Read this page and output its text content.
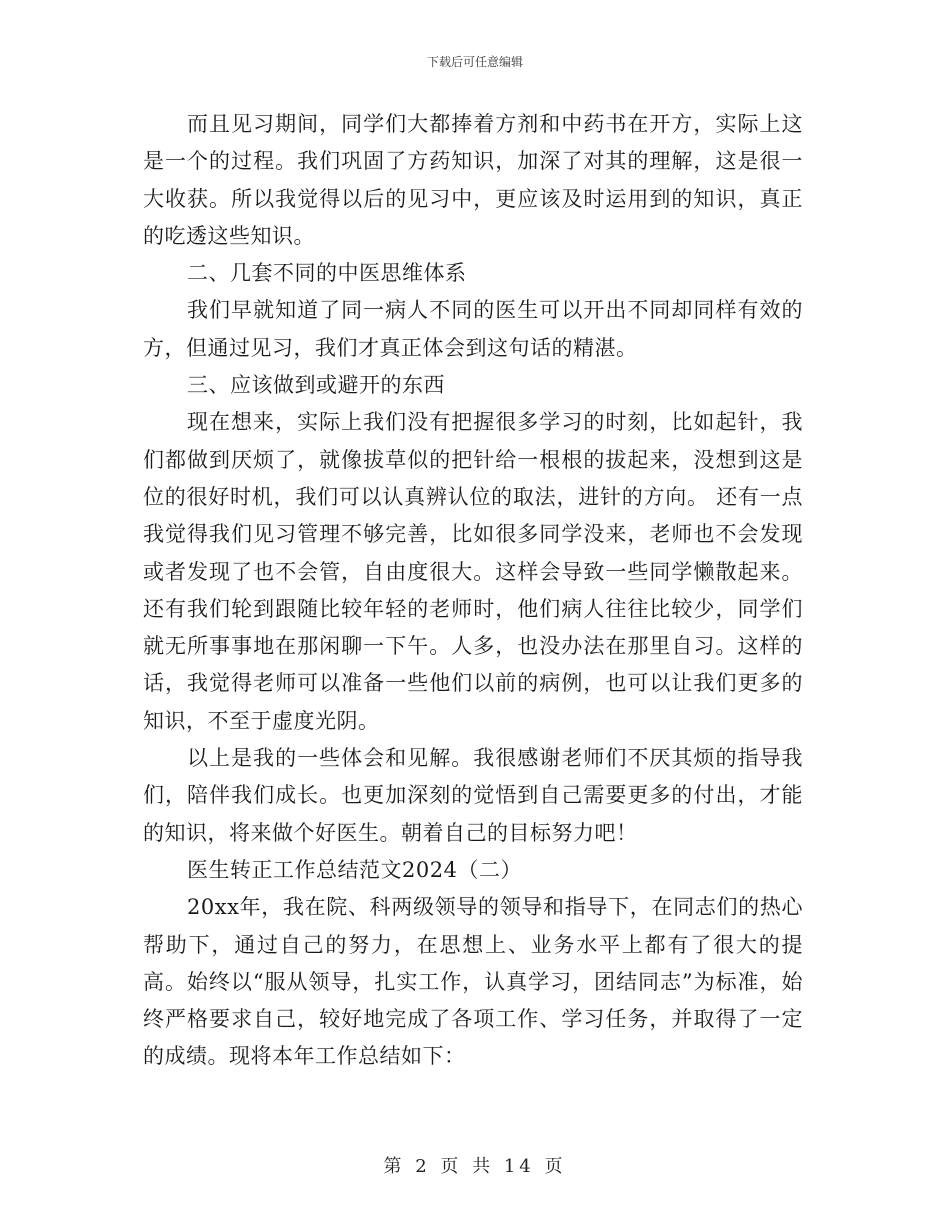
下载后可任意编辑

而且见习期间，同学们大都捧着方剂和中药书在开方，实际上这是一个的过程。我们巩固了方药知识，加深了对其的理解，这是很一大收获。所以我觉得以后的见习中，更应该及时运用到的知识，真正的吃透这些知识。

二、几套不同的中医思维体系

我们早就知道了同一病人不同的医生可以开出不同却同样有效的方，但通过见习，我们才真正体会到这句话的精湛。

三、应该做到或避开的东西

现在想来，实际上我们没有把握很多学习的时刻，比如起针，我们都做到厌烦了，就像拔草似的把针给一根根的拔起来，没想到这是位的很好时机，我们可以认真辨认位的取法，进针的方向。 还有一点我觉得我们见习管理不够完善，比如很多同学没来，老师也不会发现或者发现了也不会管，自由度很大。这样会导致一些同学懒散起来。还有我们轮到跟随比较年轻的老师时，他们病人往往比较少，同学们就无所事事地在那闲聊一下午。人多，也没办法在那里自习。这样的话，我觉得老师可以准备一些他们以前的病例，也可以让我们更多的知识，不至于虚度光阴。

以上是我的一些体会和见解。我很感谢老师们不厌其烦的指导我们，陪伴我们成长。也更加深刻的觉悟到自己需要更多的付出，才能的知识，将来做个好医生。朝着自己的目标努力吧！

医生转正工作总结范文2024（二）

20xx年，我在院、科两级领导的领导和指导下，在同志们的热心帮助下，通过自己的努力，在思想上、业务水平上都有了很大的提高。始终以“服从领导，扎实工作，认真学习，团结同志”为标准，始终严格要求自己，较好地完成了各项工作、学习任务，并取得了一定的成绩。现将本年工作总结如下：

第 2 页 共 14 页
